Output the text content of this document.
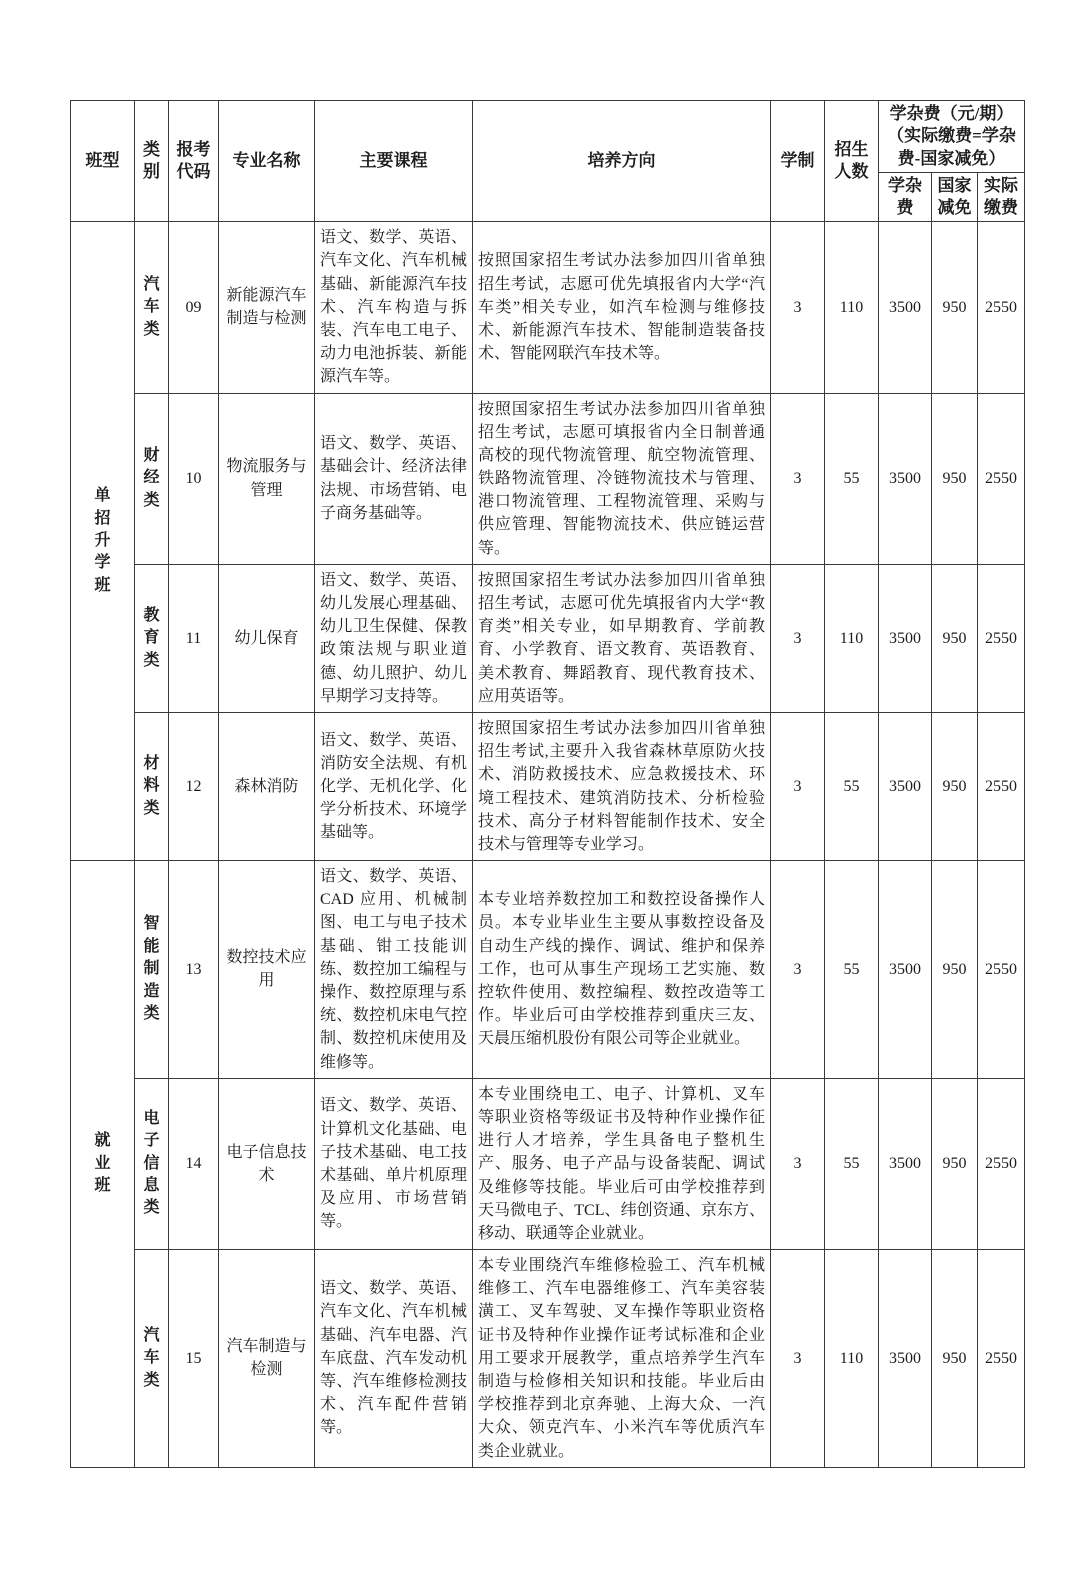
班型	类别	报考代码	专业名称	主要课程	培养方向	学制	招生人数	学杂费（元/期）（实际缴费=学杂费-国家减免）		
								学杂费	国家减免	实际缴费

单招升学班	汽车类	09	新能源汽车制造与检测	语文、数学、英语、汽车文化、汽车机械基础、新能源汽车技术、汽车构造与拆装、汽车电工电子、动力电池拆装、新能源汽车等。	按照国家招生考试办法参加四川省单独招生考试，志愿可优先填报省内大学“汽车类”相关专业，如汽车检测与维修技术、新能源汽车技术、智能制造装备技术、智能网联汽车技术等。	3	110	3500	950	2550

	财经类	10	物流服务与管理	语文、数学、英语、基础会计、经济法律法规、市场营销、电子商务基础等。	按照国家招生考试办法参加四川省单独招生考试，志愿可填报省内全日制普通高校的现代物流管理、航空物流管理、铁路物流管理、冷链物流技术与管理、港口物流管理、工程物流管理、采购与供应管理、智能物流技术、供应链运营等。	3	55	3500	950	2550

	教育类	11	幼儿保育	语文、数学、英语、幼儿发展心理基础、幼儿卫生保健、保教政策法规与职业道德、幼儿照护、幼儿早期学习支持等。	按照国家招生考试办法参加四川省单独招生考试，志愿可优先填报省内大学“教育类”相关专业，如早期教育、学前教育、小学教育、语文教育、英语教育、美术教育、舞蹈教育、现代教育技术、应用英语等。	3	110	3500	950	2550

	材料类	12	森林消防	语文、数学、英语、消防安全法规、有机化学、无机化学、化学分析技术、环境学基础等。	按照国家招生考试办法参加四川省单独招生考试,主要升入我省森林草原防火技术、消防救援技术、应急救援技术、环境工程技术、建筑消防技术、分析检验技术、高分子材料智能制作技术、安全技术与管理等专业学习。	3	55	3500	950	2550

就业班	智能制造类	13	数控技术应用	语文、数学、英语、CAD 应用、机械制图、电工与电子技术基础、钳工技能训练、数控加工编程与操作、数控原理与系统、数控机床电气控制、数控机床使用及维修等。	本专业培养数控加工和数控设备操作人员。本专业毕业生主要从事数控设备及自动生产线的操作、调试、维护和保养工作，也可从事生产现场工艺实施、数控软件使用、数控编程、数控改造等工作。毕业后可由学校推荐到重庆三友、天晨压缩机股份有限公司等企业就业。	3	55	3500	950	2550

	电子信息类	14	电子信息技术	语文、数学、英语、计算机文化基础、电子技术基础、电工技术基础、单片机原理及应用、市场营销等。	本专业围绕电工、电子、计算机、叉车等职业资格等级证书及特种作业操作征进行人才培养，学生具备电子整机生产、服务、电子产品与设备装配、调试及维修等技能。毕业后可由学校推荐到天马微电子、TCL、纬创资通、京东方、移动、联通等企业就业。	3	55	3500	950	2550

	汽车类	15	汽车制造与检测	语文、数学、英语、汽车文化、汽车机械基础、汽车电器、汽车底盘、汽车发动机等、汽车维修检测技术、汽车配件营销等。	本专业围绕汽车维修检验工、汽车机械维修工、汽车电器维修工、汽车美容装潢工、叉车驾驶、叉车操作等职业资格证书及特种作业操作证考试标准和企业用工要求开展教学，重点培养学生汽车制造与检修相关知识和技能。毕业后由学校推荐到北京奔驰、上海大众、一汽大众、领克汽车、小米汽车等优质汽车类企业就业。	3	110	3500	950	2550
